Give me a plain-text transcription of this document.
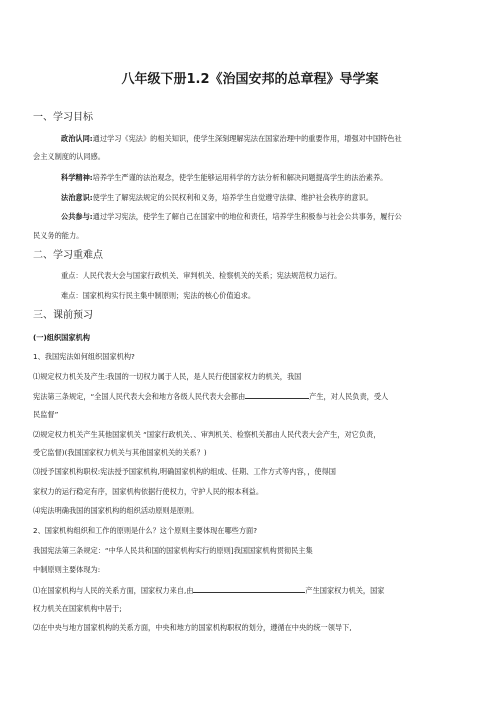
八年级下册1.2《治国安邦的总章程》导学案
一、学习目标
政治认同:通过学习《宪法》的相关知识，使学生深刻理解宪法在国家治理中的重要作用，增强对中国特色社
会主义制度的认同感。
科学精神:培养学生严谨的法治观念，使学生能够运用科学的方法分析和解决问题提高学生的法治素养。
法治意识:使学生了解宪法规定的公民权利和义务，培养学生自觉遵守法律、维护社会秩序的意识。
公共参与:通过学习宪法，使学生了解自己在国家中的地位和责任，培养学生积极参与社会公共事务，履行公
民义务的能力。
二、学习重难点
重点：人民代表大会与国家行政机关、审判机关、检察机关的关系；宪法规范权力运行。
难点：国家机构实行民主集中制原则；宪法的核心价值追求。
三、课前预习
(一)组织国家机构
1、我国宪法如何组织国家机构?
⑴规定权力机关及产生:我国的一切权力属于人民，是人民行使国家权力的机关，我国
宪法第三条规定，“全国人民代表大会和地方各级人民代表大会都由	产生，对人民负责，受人
民监督”
⑵规定权力机关产生其他国家机关 “国家行政机关、、审判机关、检察机关都由人民代表大会产生，对它负责，
受它监督)(我国国家权力机关与其他国家机关的关系？)
⑶授予国家机构职权:宪法授予国家机构,明确国家机构的组成、任期、工作方式等内容，，使得国
家权力的运行稳定有序，国家机构依据行使权力，守护人民的根本利益。
⑷宪法明确我国的国家机构的组织活动原则是原则。
2、国家机构组织和工作的原则是什么？这个原则主要体现在哪些方面?
我国宪法第三条规定：“中华人民共和国的国家机构实行的原则]我国国家机构贯彻民主集
中制原则主要体现为:
⑴在国家机构与人民的关系方面，国家权力来自,由	产生国家权力机关，国家
权力机关在国家机构中居于;
⑵在中央与地方国家机构的关系方面，中央和地方的国家机构职权的划分，遵循在中央的统一领导下,
